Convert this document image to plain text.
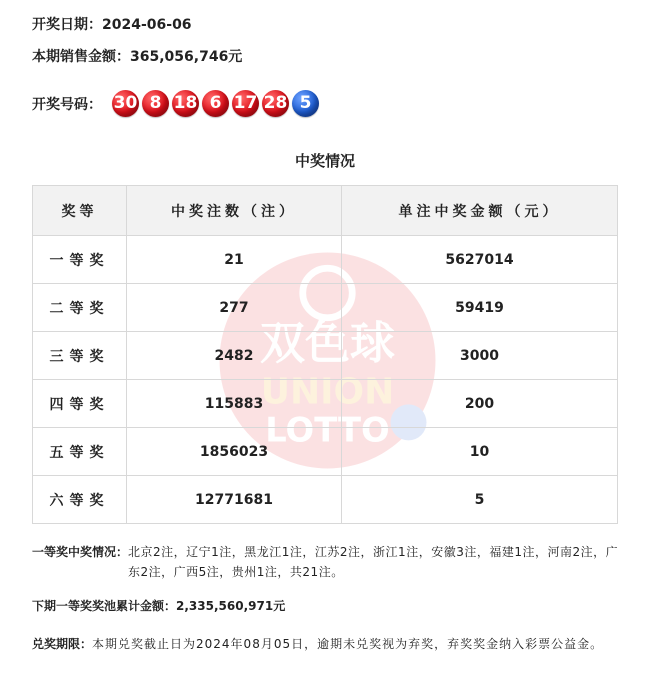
开奖日期：2024-06-06
本期销售金额：365,056,746元
开奖号码： 30 8 18 6 17 28 5
中奖情况
双色球
UNION
LOTTO
奖等	中奖注数（注）	单注中奖金额（元）
一等奖	21	5627014
二等奖	277	59419
三等奖	2482	3000
四等奖	115883	200
五等奖	1856023	10
六等奖	12771681	5
一等奖中奖情况： 北京2注，辽宁1注，黑龙江1注，江苏2注，浙江1注，安徽3注，福建1注，河南2注，广东2注，广西5注，贵州1注，共21注。
下期一等奖奖池累计金额：2,335,560,971元
兑奖期限： 本期兑奖截止日为2024年08月05日，逾期未兑奖视为弃奖，弃奖奖金纳入彩票公益金。
